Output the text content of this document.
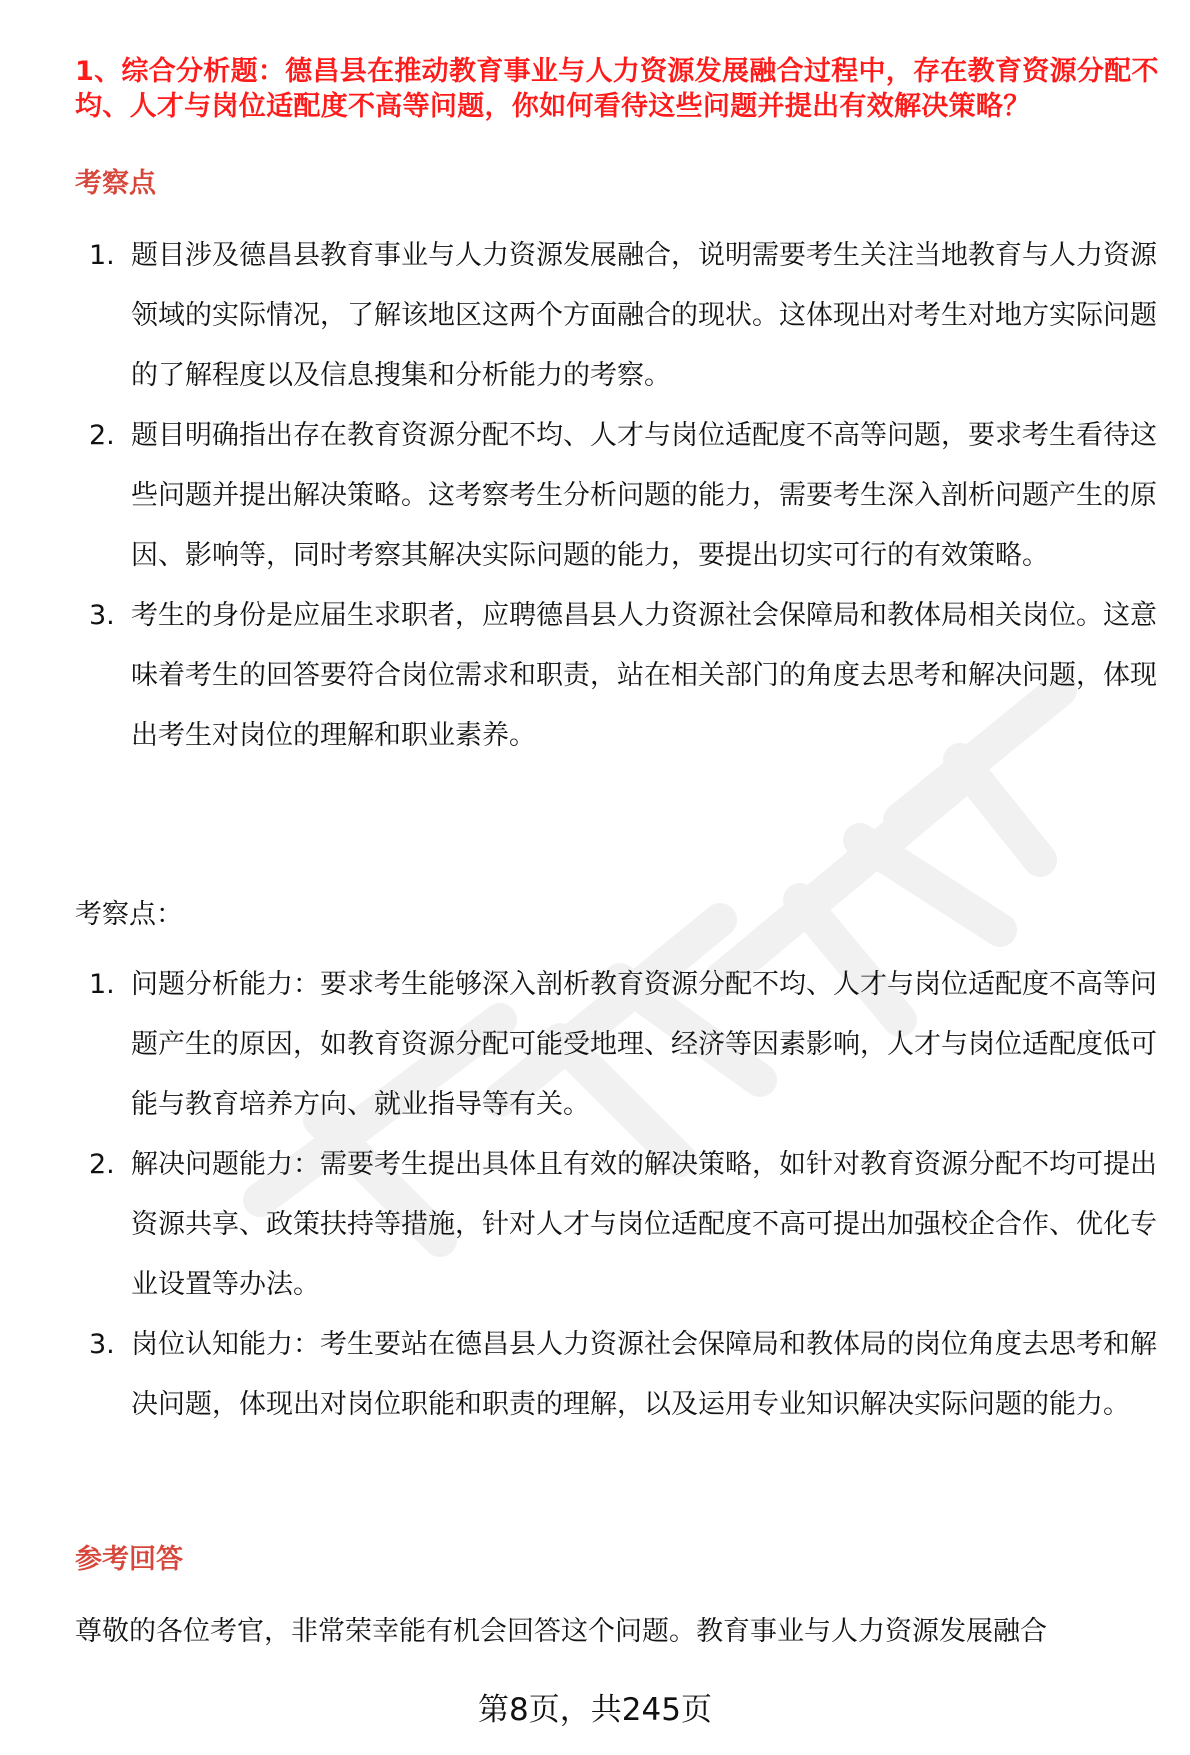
1、综合分析题：德昌县在推动教育事业与人力资源发展融合过程中，存在教育资源分配不均、人才与岗位适配度不高等问题，你如何看待这些问题并提出有效解决策略？
考察点
1. 题目涉及德昌县教育事业与人力资源发展融合，说明需要考生关注当地教育与人力资源领域的实际情况，了解该地区这两个方面融合的现状。这体现出对考生对地方实际问题的了解程度以及信息搜集和分析能力的考察。
2. 题目明确指出存在教育资源分配不均、人才与岗位适配度不高等问题，要求考生看待这些问题并提出解决策略。这考察考生分析问题的能力，需要考生深入剖析问题产生的原因、影响等，同时考察其解决实际问题的能力，要提出切实可行的有效策略。
3. 考生的身份是应届生求职者，应聘德昌县人力资源社会保障局和教体局相关岗位。这意味着考生的回答要符合岗位需求和职责，站在相关部门的角度去思考和解决问题，体现出考生对岗位的理解和职业素养。
考察点：
1. 问题分析能力：要求考生能够深入剖析教育资源分配不均、人才与岗位适配度不高等问题产生的原因，如教育资源分配可能受地理、经济等因素影响，人才与岗位适配度低可能与教育培养方向、就业指导等有关。
2. 解决问题能力：需要考生提出具体且有效的解决策略，如针对教育资源分配不均可提出资源共享、政策扶持等措施，针对人才与岗位适配度不高可提出加强校企合作、优化专业设置等办法。
3. 岗位认知能力：考生要站在德昌县人力资源社会保障局和教体局的岗位角度去思考和解决问题，体现出对岗位职能和职责的理解，以及运用专业知识解决实际问题的能力。
参考回答
尊敬的各位考官，非常荣幸能有机会回答这个问题。教育事业与人力资源发展融合
第8页，共245页
